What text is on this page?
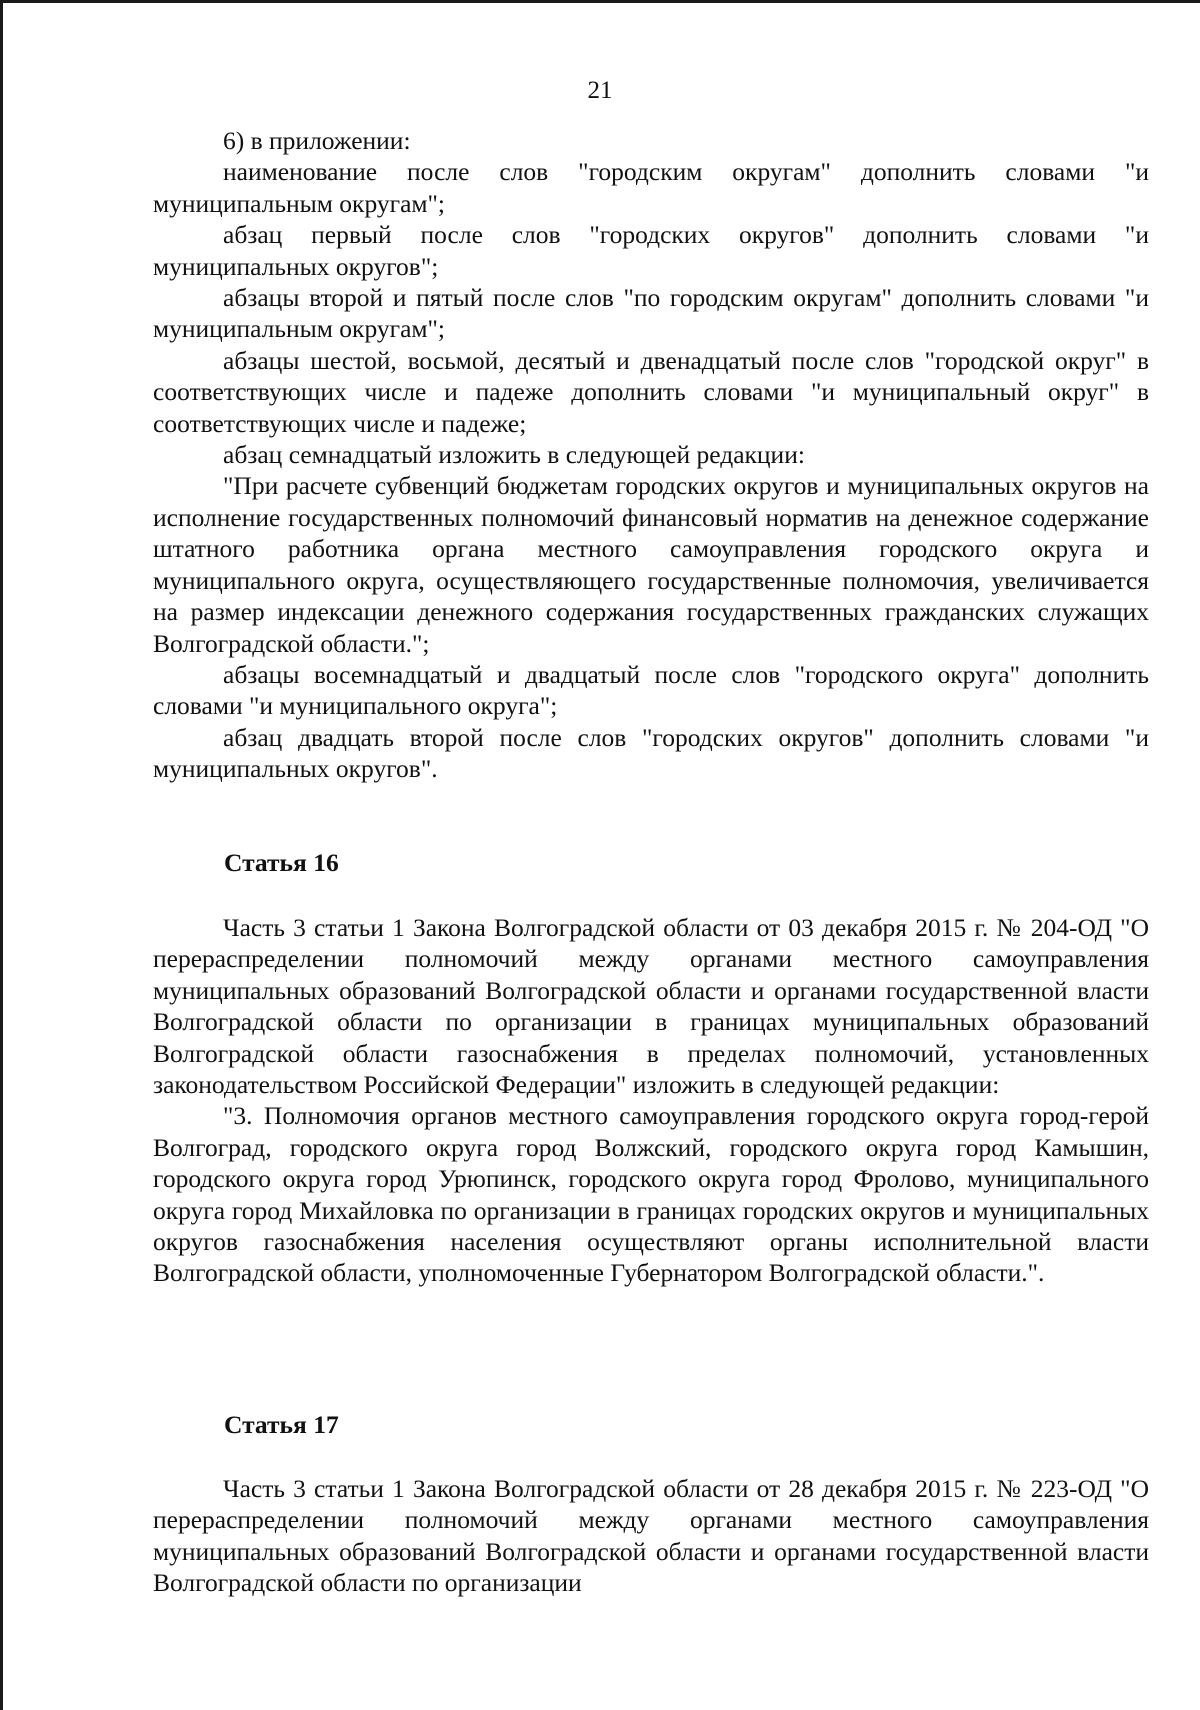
21

6) в приложении:

наименование после слов "городским округам" дополнить словами "и муниципальным округам";

абзац первый после слов "городских округов" дополнить словами "и муниципальных округов";

абзацы второй и пятый после слов "по городским округам" дополнить словами "и муниципальным округам";

абзацы шестой, восьмой, десятый и двенадцатый после слов "городской округ" в соответствующих числе и падеже дополнить словами "и муниципальный округ" в соответствующих числе и падеже;

абзац семнадцатый изложить в следующей редакции:

"При расчете субвенций бюджетам городских округов и муниципальных округов на исполнение государственных полномочий финансовый норматив на денежное содержание штатного работника органа местного самоуправления городского округа и муниципального округа, осуществляющего государственные полномочия, увеличивается на размер индексации денежного содержания государственных гражданских служащих Волгоградской области.";

абзацы восемнадцатый и двадцатый после слов "городского округа" дополнить словами "и муниципального округа";

абзац двадцать второй после слов "городских округов" дополнить словами "и муниципальных округов".

Статья 16

Часть 3 статьи 1 Закона Волгоградской области от 03 декабря 2015 г. № 204-ОД "О перераспределении полномочий между органами местного самоуправления муниципальных образований Волгоградской области и органами государственной власти Волгоградской области по организации в границах муниципальных образований Волгоградской области газоснабжения в пределах полномочий, установленных законодательством Российской Федерации" изложить в следующей редакции:

"3. Полномочия органов местного самоуправления городского округа город-герой Волгоград, городского округа город Волжский, городского округа город Камышин, городского округа город Урюпинск, городского округа город Фролово, муниципального округа город Михайловка по организации в границах городских округов и муниципальных округов газоснабжения населения осуществляют органы исполнительной власти Волгоградской области, уполномоченные Губернатором Волгоградской области.".

Статья 17

Часть 3 статьи 1 Закона Волгоградской области от 28 декабря 2015 г. № 223-ОД "О перераспределении полномочий между органами местного самоуправления муниципальных образований Волгоградской области и органами государственной власти Волгоградской области по организации
